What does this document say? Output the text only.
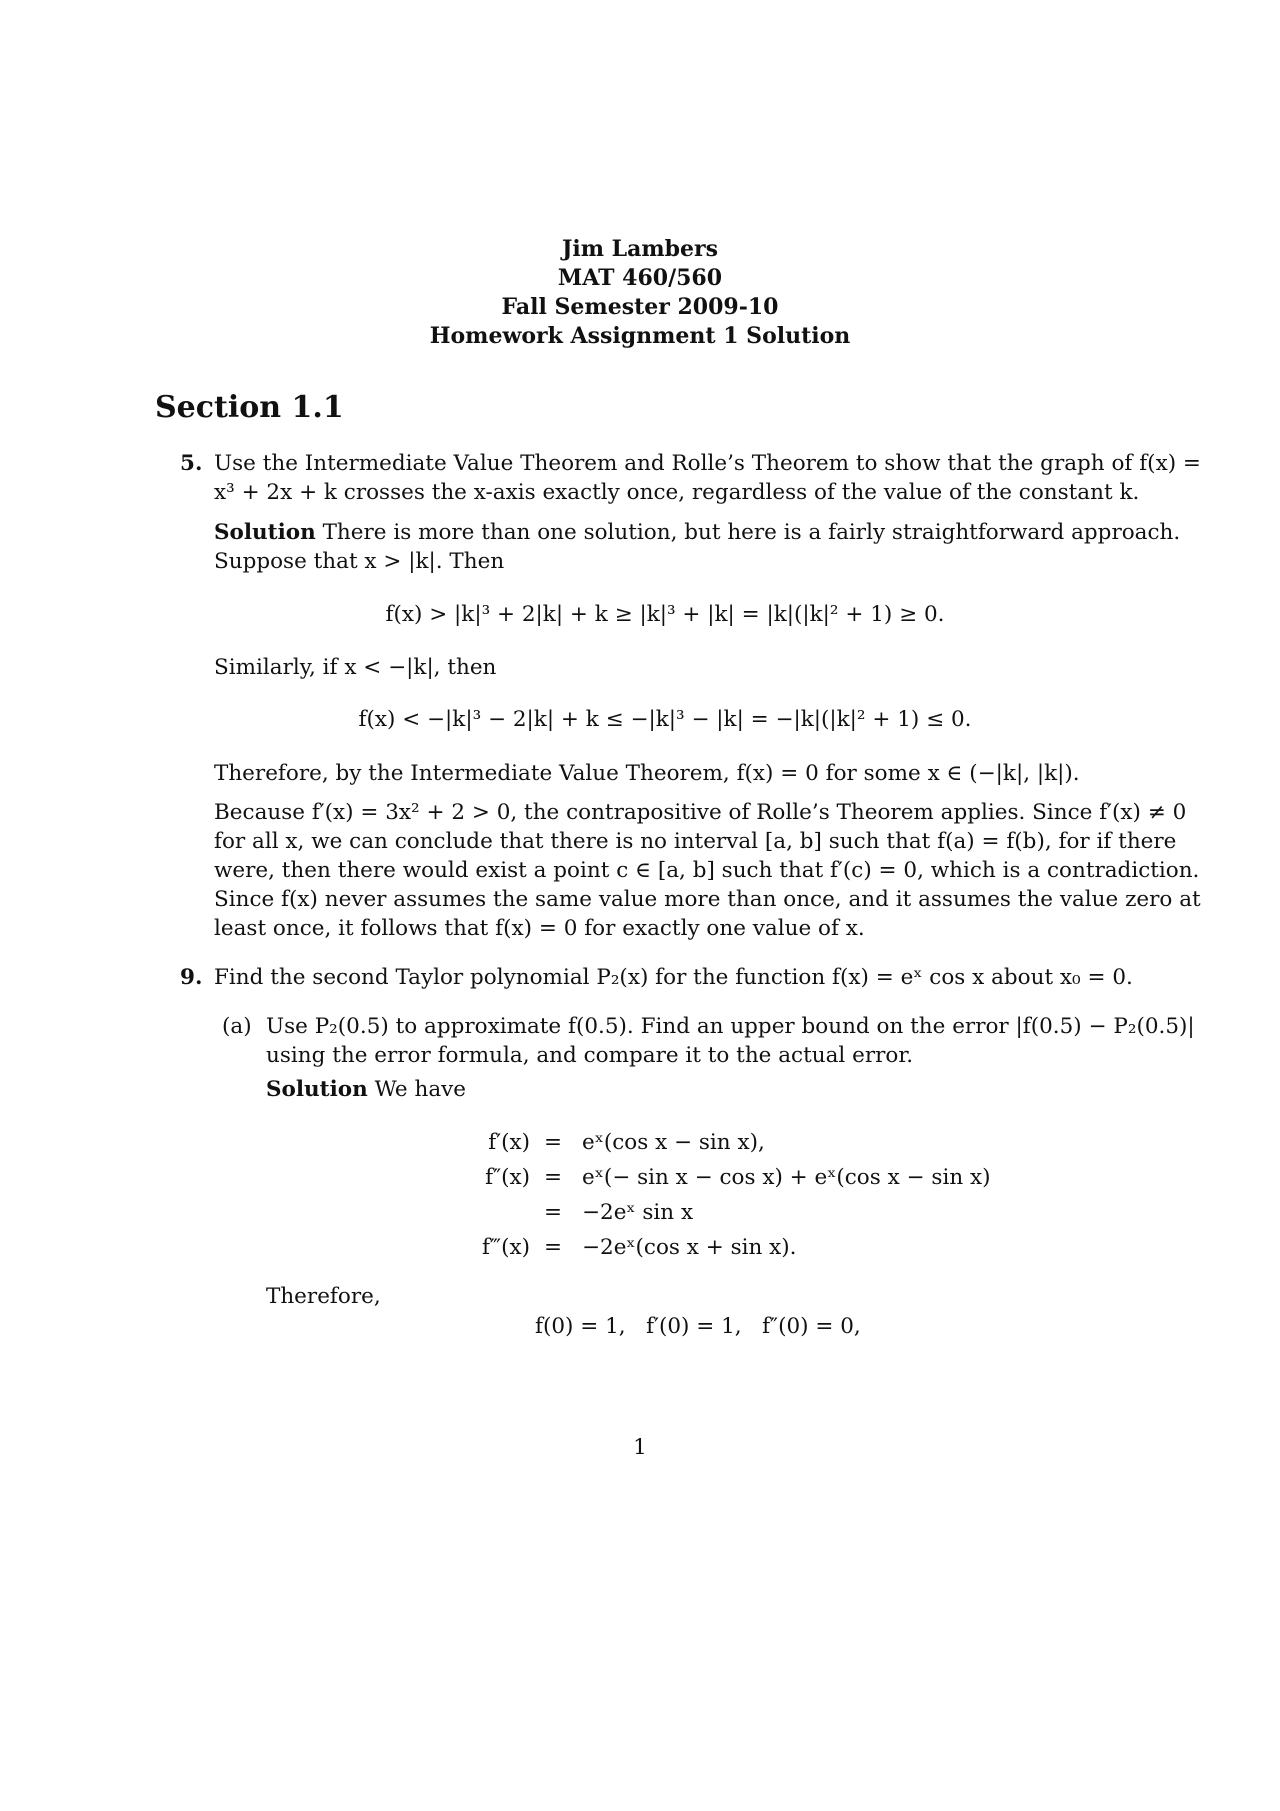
Jim Lambers
MAT 460/560
Fall Semester 2009-10
Homework Assignment 1 Solution
Section 1.1
5. Use the Intermediate Value Theorem and Rolle’s Theorem to show that the graph of f(x) =
x³ + 2x + k crosses the x-axis exactly once, regardless of the value of the constant k.
Solution There is more than one solution, but here is a fairly straightforward approach.
Suppose that x > |k|. Then
f(x) > |k|³ + 2|k| + k ≥ |k|³ + |k| = |k|(|k|² + 1) ≥ 0.
Similarly, if x < −|k|, then
f(x) < −|k|³ − 2|k| + k ≤ −|k|³ − |k| = −|k|(|k|² + 1) ≤ 0.
Therefore, by the Intermediate Value Theorem, f(x) = 0 for some x ∈ (−|k|, |k|).
Because f′(x) = 3x² + 2 > 0, the contrapositive of Rolle’s Theorem applies. Since f′(x) ≠ 0
for all x, we can conclude that there is no interval [a, b] such that f(a) = f(b), for if there
were, then there would exist a point c ∈ [a, b] such that f′(c) = 0, which is a contradiction.
Since f(x) never assumes the same value more than once, and it assumes the value zero at
least once, it follows that f(x) = 0 for exactly one value of x.
9. Find the second Taylor polynomial P₂(x) for the function f(x) = eˣ cos x about x₀ = 0.
(a) Use P₂(0.5) to approximate f(0.5). Find an upper bound on the error |f(0.5) − P₂(0.5)|
using the error formula, and compare it to the actual error.
Solution We have
f′(x) = eˣ(cos x − sin x),
f″(x) = eˣ(− sin x − cos x) + eˣ(cos x − sin x)
= −2eˣ sin x
f‴(x) = −2eˣ(cos x + sin x).
Therefore,
f(0) = 1,   f′(0) = 1,   f″(0) = 0,
1
